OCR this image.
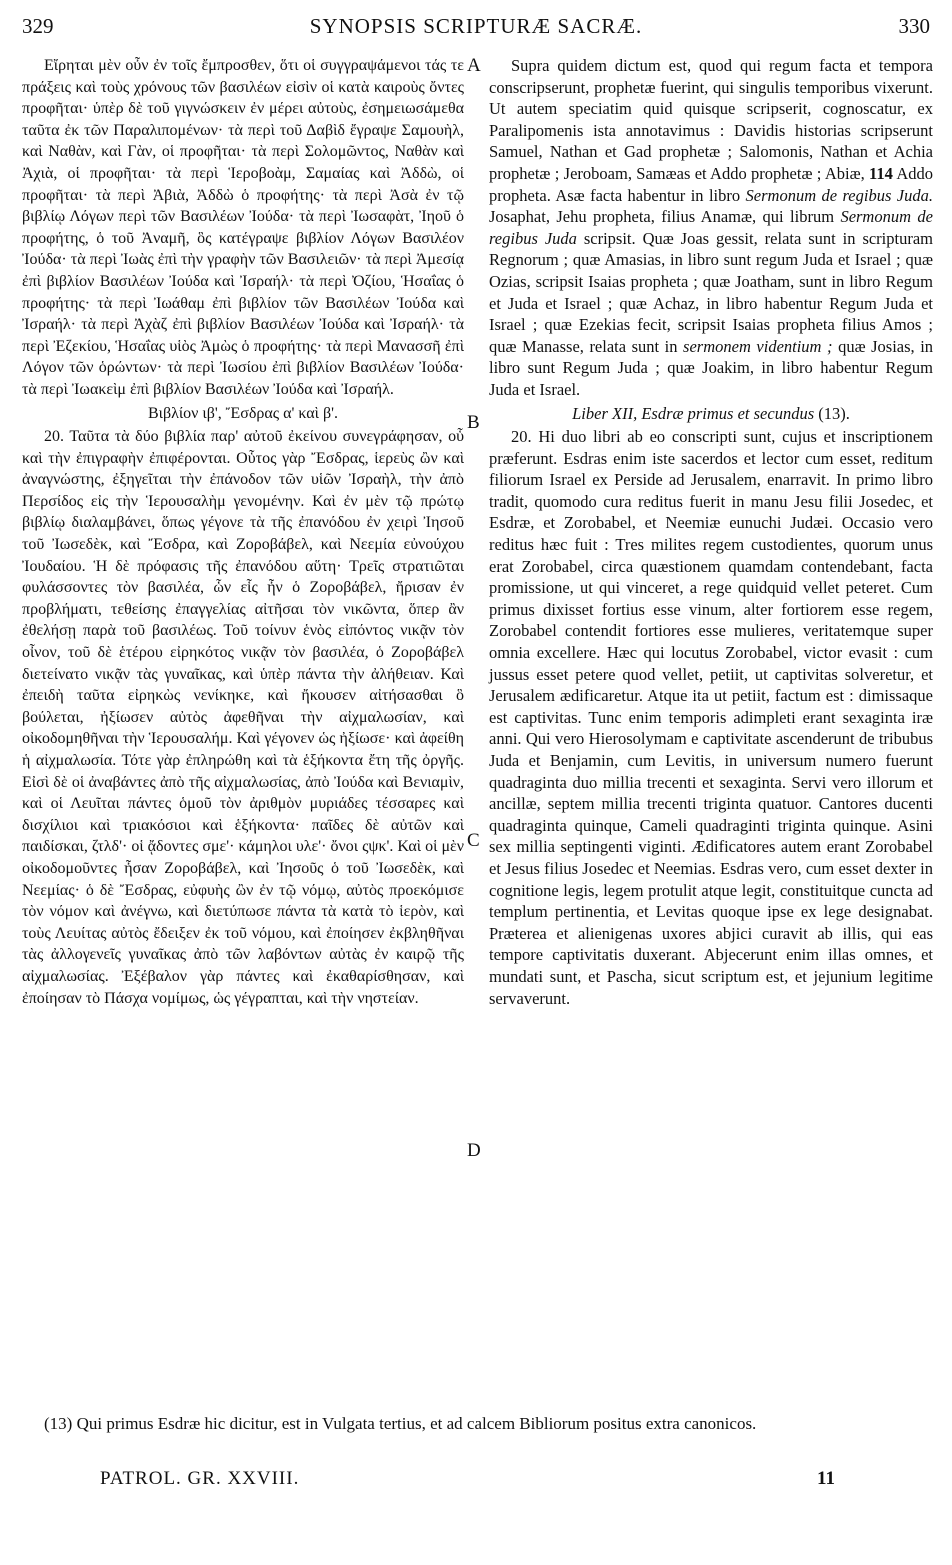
329	SYNOPSIS SCRIPTURÆ SACRÆ.	330

Εἴρηται μὲν οὖν ἐν τοῖς ἔμπροσθεν, ὅτι οἱ συγγραψάμενοι τάς τε πράξεις καὶ τοὺς χρόνους τῶν βασιλέων εἰσὶν οἱ κατὰ καιροὺς ὄντες προφῆται· ὑπὲρ δὲ τοῦ γιγνώσκειν ἐν μέρει αὐτοὺς, ἐσημειωσάμεθα ταῦτα ἐκ τῶν Παραλιπομένων· τὰ περὶ τοῦ Δαβὶδ ἔγραψε Σαμουὴλ, καὶ Ναθὰν, καὶ Γὰν, οἱ προφῆται· τὰ περὶ Σολομῶντος, Ναθὰν καὶ Ἀχιὰ, οἱ προφῆται· τὰ περὶ Ἱεροβοὰμ, Σαμαίας καὶ Ἀδδὼ, οἱ προφῆται· τὰ περὶ Ἀβιὰ, Ἀδδὼ ὁ προφήτης· τὰ περὶ Ἀσὰ ἐν τῷ βιβλίῳ Λόγων περὶ τῶν Βασιλέων Ἰούδα· τὰ περὶ Ἰωσαφὰτ, Ἰηοῦ ὁ προφήτης, ὁ τοῦ Ἀναμῆ, ὃς κατέγραψε βιβλίον Λόγων Βασιλέον Ἰούδα· τὰ περὶ Ἰωὰς ἐπὶ τὴν γραφὴν τῶν Βασιλειῶν· τὰ περὶ Ἀμεσίᾳ ἐπὶ βιβλίον Βασιλέων Ἰούδα καὶ Ἰσραήλ· τὰ περὶ Ὀζίου, Ἡσαΐας ὁ προφήτης· τὰ περὶ Ἰωάθαμ ἐπὶ βιβλίον τῶν Βασιλέων Ἰούδα καὶ Ἰσραήλ· τὰ περὶ Ἀχὰζ ἐπὶ βιβλίον Βασιλέων Ἰούδα καὶ Ἰσραήλ· τὰ περὶ Ἐζεκίου, Ἡσαΐας υἱὸς Ἀμὼς ὁ προφήτης· τὰ περὶ Μανασσῆ ἐπὶ Λόγον τῶν ὁρώντων· τὰ περὶ Ἰωσίου ἐπὶ βιβλίον Βασιλέων Ἰούδα· τὰ περὶ Ἰωακεὶμ ἐπὶ βιβλίον Βασιλέων Ἰούδα καὶ Ἰσραήλ.

Βιβλίον ιβ', Ἔσδρας α' καὶ β'.

20. Ταῦτα τὰ δύο βιβλία παρ' αὐτοῦ ἐκείνου συνεγράφησαν, οὗ καὶ τὴν ἐπιγραφὴν ἐπιφέρονται. Οὗτος γὰρ Ἔσδρας, ἱερεὺς ὢν καὶ ἀναγνώστης, ἐξηγεῖται τὴν ἐπάνοδον τῶν υἱῶν Ἰσραὴλ, τὴν ἀπὸ Περσίδος εἰς τὴν Ἱερουσαλὴμ γενομένην. Καὶ ἐν μὲν τῷ πρώτῳ βιβλίῳ διαλαμβάνει, ὅπως γέγονε τὰ τῆς ἐπανόδου ἐν χειρὶ Ἰησοῦ τοῦ Ἰωσεδὲκ, καὶ Ἔσδρα, καὶ Ζοροβάβελ, καὶ Νεεμία εὐνούχου Ἰουδαίου. Ἡ δὲ πρόφασις τῆς ἐπανόδου αὕτη· Τρεῖς στρατιῶται φυλάσσοντες τὸν βασιλέα, ὧν εἷς ἦν ὁ Ζοροβάβελ, ἤρισαν ἐν προβλήματι, τεθείσης ἐπαγγελίας αἰτῆσαι τὸν νικῶντα, ὅπερ ἂν ἐθελήσῃ παρὰ τοῦ βασιλέως. Τοῦ τοίνυν ἑνὸς εἰπόντος νικᾷν τὸν οἶνον, τοῦ δὲ ἑτέρου εἰρηκότος νικᾷν τὸν βασιλέα, ὁ Ζοροβάβελ διετείνατο νικᾷν τὰς γυναῖκας, καὶ ὑπὲρ πάντα τὴν ἀλήθειαν. Καὶ ἐπειδὴ ταῦτα εἰρηκὼς νενίκηκε, καὶ ἤκουσεν αἰτήσασθαι ὃ βούλεται, ἠξίωσεν αὐτὸς ἀφεθῆναι τὴν αἰχμαλωσίαν, καὶ οἰκοδομηθῆναι τὴν Ἱερουσαλήμ. Καὶ γέγονεν ὡς ἠξίωσε· καὶ ἀφείθη ἡ αἰχμαλωσία. Τότε γὰρ ἐπληρώθη καὶ τὰ ἑξήκοντα ἔτη τῆς ὀργῆς. Εἰσὶ δὲ οἱ ἀναβάντες ἀπὸ τῆς αἰχμαλωσίας, ἀπὸ Ἰούδα καὶ Βενιαμὶν, καὶ οἱ Λευῖται πάντες ὁμοῦ τὸν ἀριθμὸν μυριάδες τέσσαρες καὶ δισχίλιοι καὶ τριακόσιοι καὶ ἑξήκοντα· παῖδες δὲ αὐτῶν καὶ παιδίσκαι, ζτλδ'· οἱ ᾄδοντες σμε'· κάμηλοι υλε'· ὄνοι ςψκ'. Καὶ οἱ μὲν οἰκοδομοῦντες ἦσαν Ζοροβάβελ, καὶ Ἰησοῦς ὁ τοῦ Ἰωσεδὲκ, καὶ Νεεμίας· ὁ δὲ Ἔσδρας, εὐφυὴς ὢν ἐν τῷ νόμῳ, αὐτὸς προεκόμισε τὸν νόμον καὶ ἀνέγνω, καὶ διετύπωσε πάντα τὰ κατὰ τὸ ἱερὸν, καὶ τοὺς Λευίτας αὐτὸς ἔδειξεν ἐκ τοῦ νόμου, καὶ ἐποίησεν ἐκβληθῆναι τὰς ἀλλογενεῖς γυναῖκας ἀπὸ τῶν λαβόντων αὐτὰς ἐν καιρῷ τῆς αἰχμαλωσίας. Ἐξέβαλον γὰρ πάντες καὶ ἐκαθαρίσθησαν, καὶ ἐποίησαν τὸ Πάσχα νομίμως, ὡς γέγραπται, καὶ τὴν νηστείαν.

A
B
C
D

Supra quidem dictum est, quod qui regum facta et tempora conscripserunt, prophetæ fuerint, qui singulis temporibus vixerunt. Ut autem speciatim quid quisque scripserit, cognoscatur, ex Paralipomenis ista annotavimus : Davidis historias scripserunt Samuel, Nathan et Gad prophetæ ; Salomonis, Nathan et Achia prophetæ ; Jeroboam, Samæas et Addo prophetæ ; Abiæ, 114 Addo propheta. Asæ facta habentur in libro Sermonum de regibus Juda. Josaphat, Jehu propheta, filius Anamæ, qui librum Sermonum de regibus Juda scripsit. Quæ Joas gessit, relata sunt in scripturam Regnorum ; quæ Amasias, in libro sunt regum Juda et Israel ; quæ Ozias, scripsit Isaias propheta ; quæ Joatham, sunt in libro Regum et Juda et Israel ; quæ Achaz, in libro habentur Regum Juda et Israel ; quæ Ezekias fecit, scripsit Isaias propheta filius Amos ; quæ Manasse, relata sunt in sermonem videntium ; quæ Josias, in libro sunt Regum Juda ; quæ Joakim, in libro habentur Regum Juda et Israel.

Liber XII, Esdræ primus et secundus (13).

20. Hi duo libri ab eo conscripti sunt, cujus et inscriptionem præferunt. Esdras enim iste sacerdos et lector cum esset, reditum filiorum Israel ex Perside ad Jerusalem, enarravit. In primo libro tradit, quomodo cura reditus fuerit in manu Jesu filii Josedec, et Esdræ, et Zorobabel, et Neemiæ eunuchi Judæi. Occasio vero reditus hæc fuit : Tres milites regem custodientes, quorum unus erat Zorobabel, circa quæstionem quamdam contendebant, facta promissione, ut qui vinceret, a rege quidquid vellet peteret. Cum primus dixisset fortius esse vinum, alter fortiorem esse regem, Zorobabel contendit fortiores esse mulieres, veritatemque super omnia excellere. Hæc qui locutus Zorobabel, victor evasit : cum jussus esset petere quod vellet, petiit, ut captivitas solveretur, et Jerusalem ædificaretur. Atque ita ut petiit, factum est : dimissaque est captivitas. Tunc enim temporis adimpleti erant sexaginta iræ anni. Qui vero Hierosolymam e captivitate ascenderunt de tribubus Juda et Benjamin, cum Levitis, in universum numero fuerunt quadraginta duo millia trecenti et sexaginta. Servi vero illorum et ancillæ, septem millia trecenti triginta quatuor. Cantores ducenti quadraginta quinque, Cameli quadraginti triginta quinque. Asini sex millia septingenti viginti. Ædificatores autem erant Zorobabel et Jesus filius Josedec et Neemias. Esdras vero, cum esset dexter in cognitione legis, legem protulit atque legit, constituitque cuncta ad templum pertinentia, et Levitas quoque ipse ex lege designabat. Præterea et alienigenas uxores abjici curavit ab illis, qui eas tempore captivitatis duxerant. Abjecerunt enim illas omnes, et mundati sunt, et Pascha, sicut scriptum est, et jejunium legitime servaverunt.

(13) Qui primus Esdræ hic dicitur, est in Vulgata tertius, et ad calcem Bibliorum positus extra canonicos.

PATROL. GR. XXVIII.	11
